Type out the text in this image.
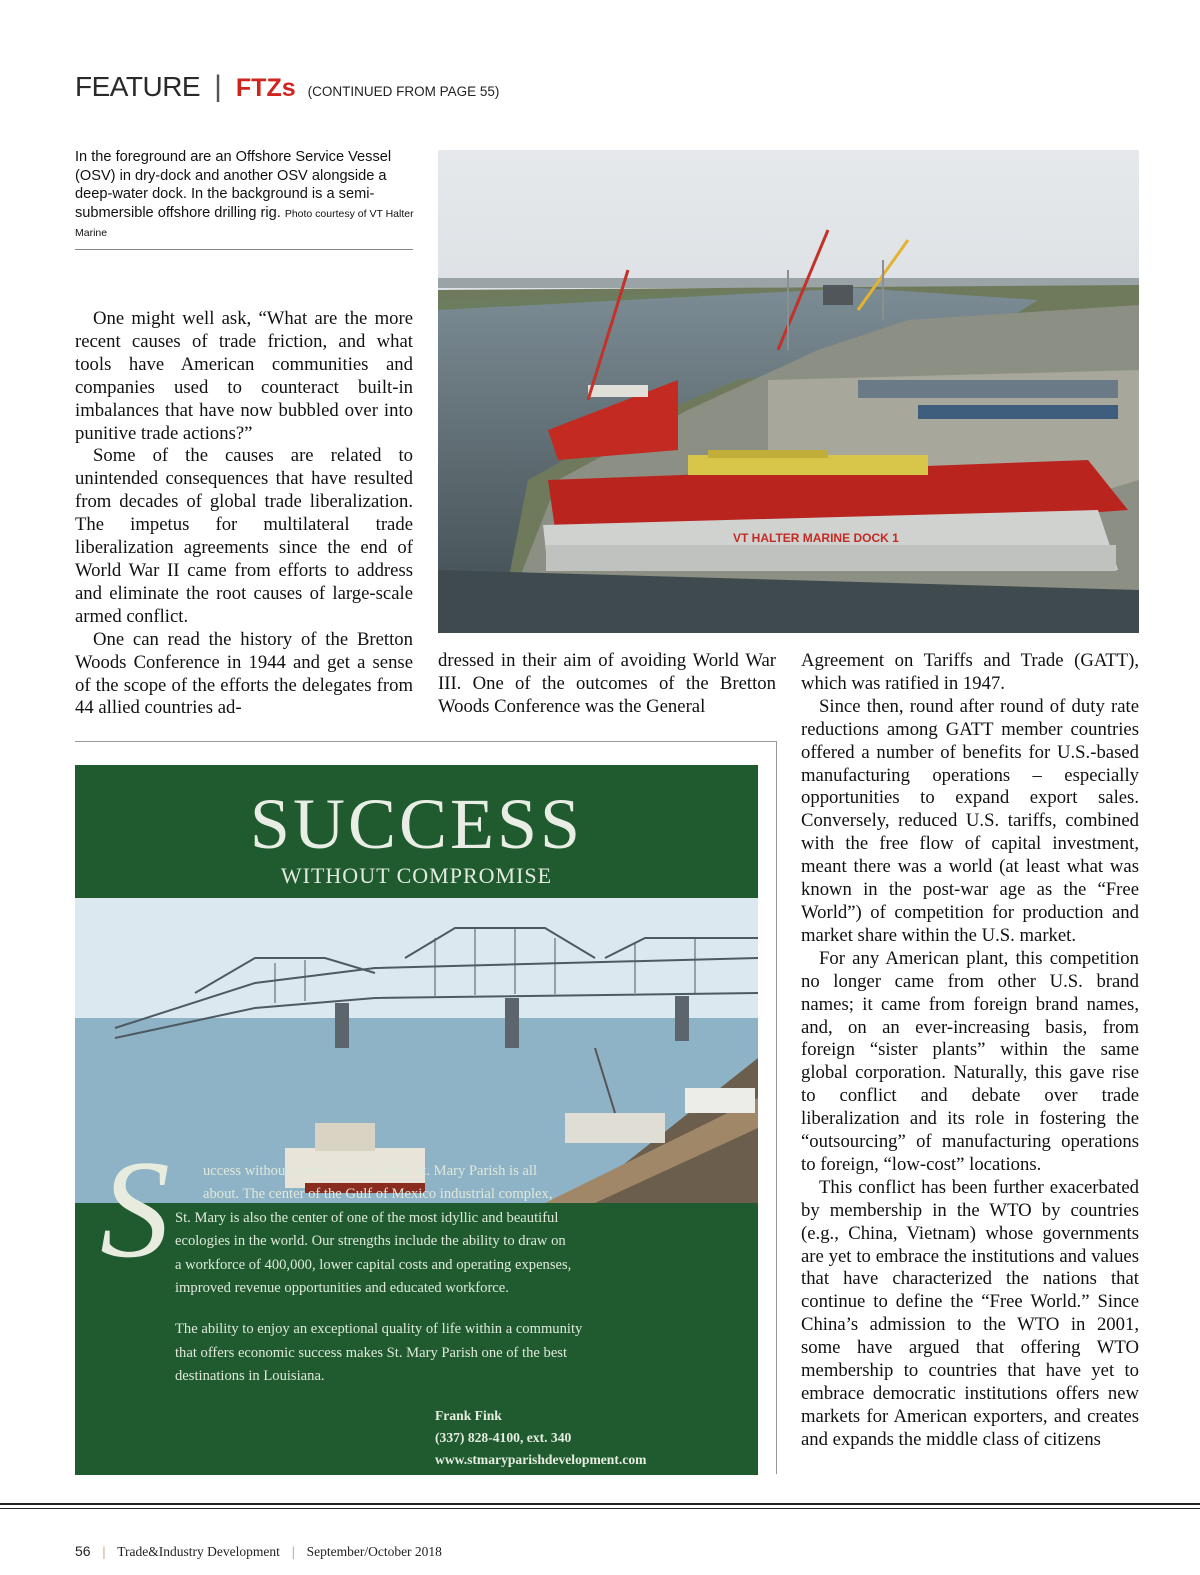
FEATURE | FTZs (CONTINUED FROM PAGE 55)
In the foreground are an Offshore Service Vessel (OSV) in dry-dock and another OSV alongside a deep-water dock. In the background is a semi-submersible offshore drilling rig. Photo courtesy of VT Halter Marine
VT HALTER MARINE DOCK 1

One might well ask, “What are the more recent causes of trade friction, and what tools have American communities and companies used to counteract built-in imbalances that have now bubbled over into punitive trade actions?”

Some of the causes are related to unintended consequences that have resulted from decades of global trade liberalization. The impetus for multilateral trade liberalization agreements since the end of World War II came from efforts to address and eliminate the root causes of large-scale armed conflict.

One can read the history of the Bretton Woods Conference in 1944 and get a sense of the scope of the efforts the delegates from 44 allied countries ad-

dressed in their aim of avoiding World War III. One of the outcomes of the Bretton Woods Conference was the General

Agreement on Tariffs and Trade (GATT), which was ratified in 1947.

Since then, round after round of duty rate reductions among GATT member countries offered a number of benefits for U.S.-based manufacturing operations – especially opportunities to expand export sales. Conversely, reduced U.S. tariffs, combined with the free flow of capital investment, meant there was a world (at least what was known in the post-war age as the “Free World”) of competition for production and market share within the U.S. market.

For any American plant, this competition no longer came from other U.S. brand names; it came from foreign brand names, and, on an ever-increasing basis, from foreign “sister plants” within the same global corporation. Naturally, this gave rise to conflict and debate over trade liberalization and its role in fostering the “outsourcing” of manufacturing operations to foreign, “low-cost” locations.

This conflict has been further exacerbated by membership in the WTO by countries (e.g., China, Vietnam) whose governments are yet to embrace the institutions and values that have characterized the nations that continue to define the “Free World.” Since China’s admission to the WTO in 2001, some have argued that offering WTO membership to countries that have yet to embrace democratic institutions offers new markets for American exporters, and creates and expands the middle class of citizens

SUCCESS
WITHOUT COMPROMISE
S uccess without compromise is what St. Mary Parish is all
about. The center of the Gulf of Mexico industrial complex,
St. Mary is also the center of one of the most idyllic and beautiful
ecologies in the world. Our strengths include the ability to draw on
a workforce of 400,000, lower capital costs and operating expenses,
improved revenue opportunities and educated workforce.

The ability to enjoy an exceptional quality of life within a community
that offers economic success makes St. Mary Parish one of the best
destinations in Louisiana.

Frank Fink
(337) 828-4100, ext. 340
www.stmaryparishdevelopment.com
56 | Trade&Industry Development | September/October 2018
